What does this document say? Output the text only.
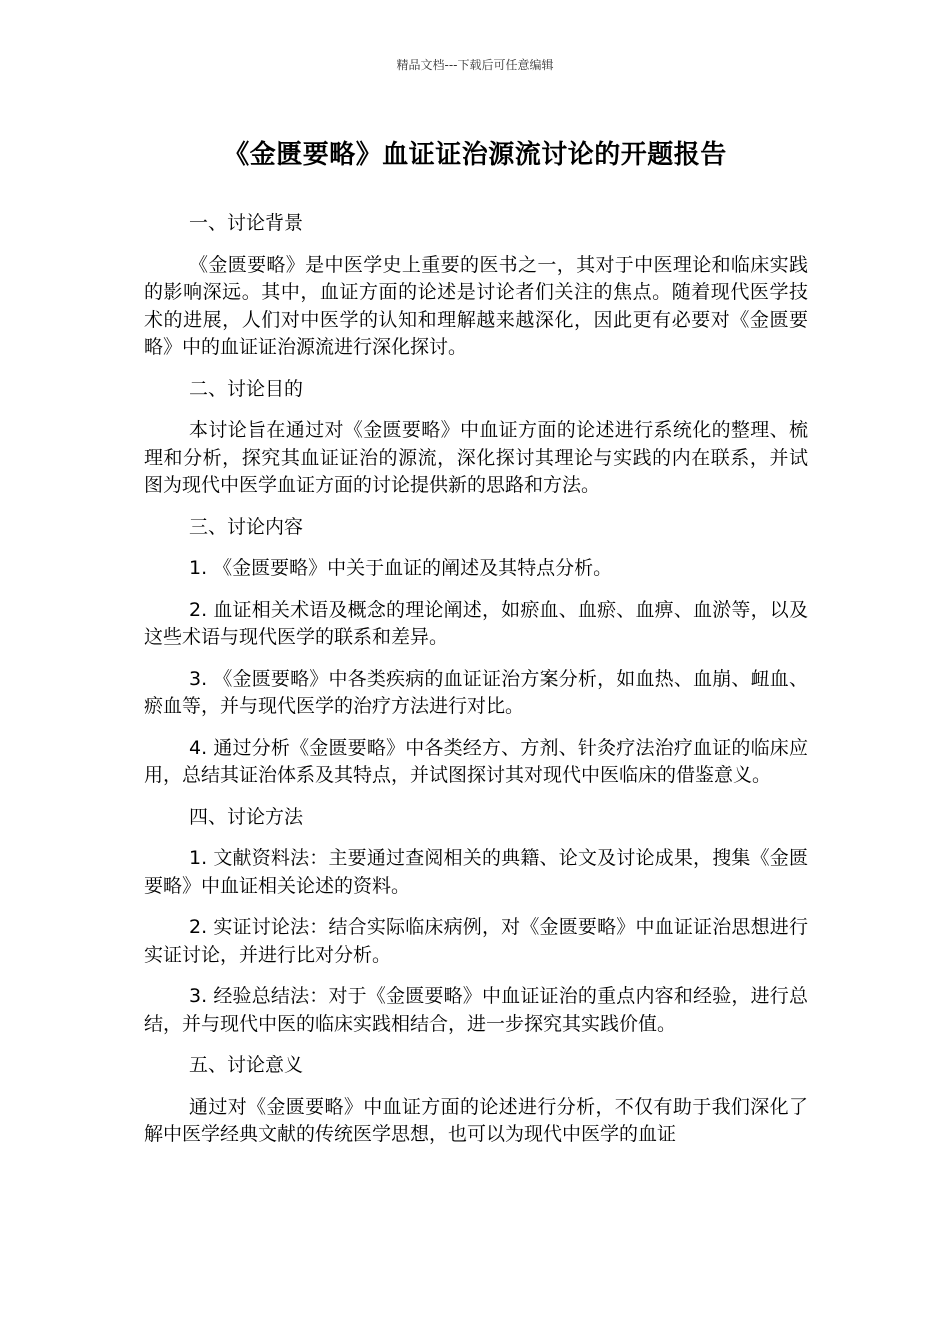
精品文档---下载后可任意编辑
《金匮要略》血证证治源流讨论的开题报告

一、讨论背景

《金匮要略》是中医学史上重要的医书之一，其对于中医理论和临床实践的影响深远。其中，血证方面的论述是讨论者们关注的焦点。随着现代医学技术的进展，人们对中医学的认知和理解越来越深化，因此更有必要对《金匮要略》中的血证证治源流进行深化探讨。

二、讨论目的

本讨论旨在通过对《金匮要略》中血证方面的论述进行系统化的整理、梳理和分析，探究其血证证治的源流，深化探讨其理论与实践的内在联系，并试图为现代中医学血证方面的讨论提供新的思路和方法。

三、讨论内容

1. 《金匮要略》中关于血证的阐述及其特点分析。

2. 血证相关术语及概念的理论阐述，如瘀血、血瘀、血痹、血淤等，以及这些术语与现代医学的联系和差异。

3. 《金匮要略》中各类疾病的血证证治方案分析，如血热、血崩、衄血、瘀血等，并与现代医学的治疗方法进行对比。

4. 通过分析《金匮要略》中各类经方、方剂、针灸疗法治疗血证的临床应用，总结其证治体系及其特点，并试图探讨其对现代中医临床的借鉴意义。

四、讨论方法

1. 文献资料法：主要通过查阅相关的典籍、论文及讨论成果，搜集《金匮要略》中血证相关论述的资料。

2. 实证讨论法：结合实际临床病例，对《金匮要略》中血证证治思想进行实证讨论，并进行比对分析。

3. 经验总结法：对于《金匮要略》中血证证治的重点内容和经验，进行总结，并与现代中医的临床实践相结合，进一步探究其实践价值。

五、讨论意义

通过对《金匮要略》中血证方面的论述进行分析，不仅有助于我们深化了解中医学经典文献的传统医学思想，也可以为现代中医学的血证
